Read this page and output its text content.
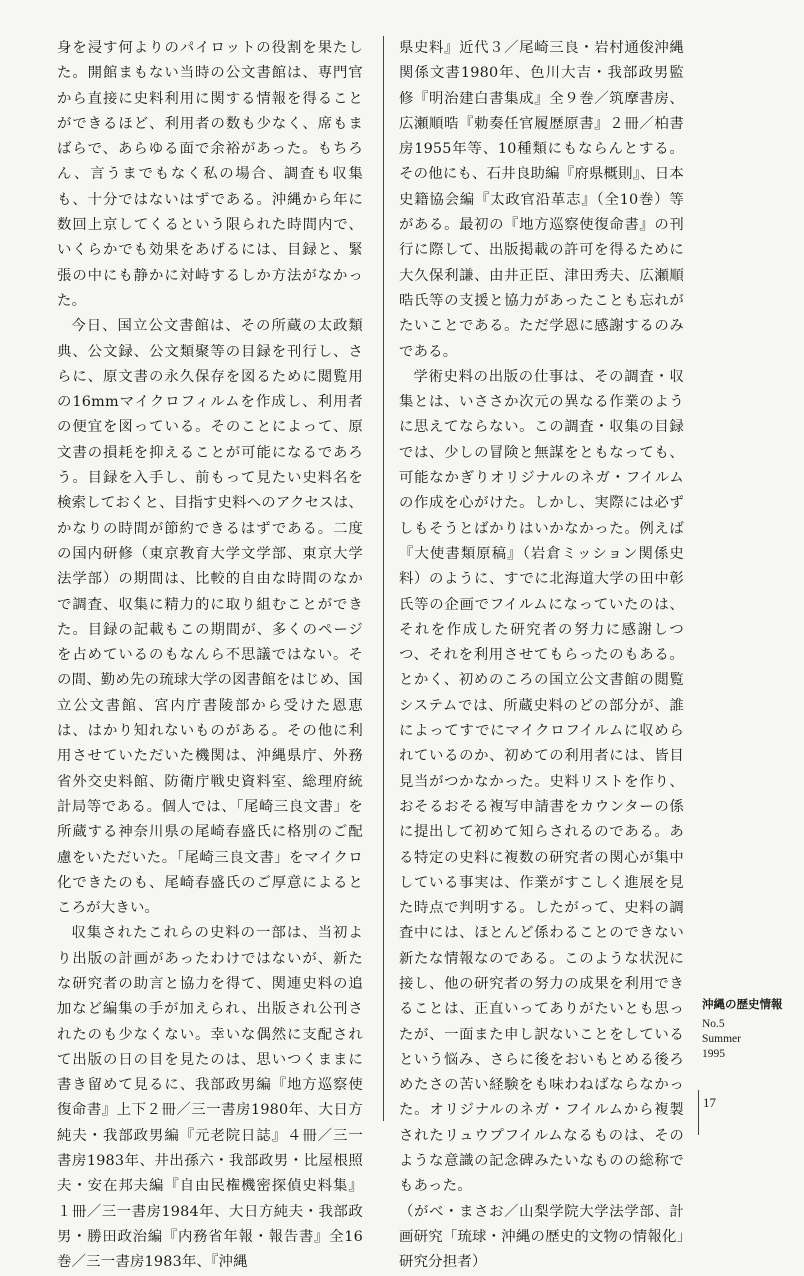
身を浸す何よりのパイロットの役割を果たした。開館まもない当時の公文書館は、専門官から直接に史料利用に関する情報を得ることができるほど、利用者の数も少なく、席もまばらで、あらゆる面で余裕があった。もちろん、言うまでもなく私の場合、調査も収集も、十分ではないはずである。沖縄から年に数回上京してくるという限られた時間内で、いくらかでも効果をあげるには、目録と、緊張の中にも静かに対峙するしか方法がなかった。

今日、国立公文書館は、その所蔵の太政類典、公文録、公文類聚等の目録を刊行し、さらに、原文書の永久保存を図るために閲覧用の16mmマイクロフィルムを作成し、利用者の便宜を図っている。そのことによって、原文書の損耗を抑えることが可能になるであろう。目録を入手し、前もって見たい史料名を検索しておくと、目指す史料へのアクセスは、かなりの時間が節約できるはずである。二度の国内研修（東京教育大学文学部、東京大学法学部）の期間は、比較的自由な時間のなかで調査、収集に精力的に取り組むことができた。目録の記載もこの期間が、多くのページを占めているのもなんら不思議ではない。その間、勤め先の琉球大学の図書館をはじめ、国立公文書館、宮内庁書陵部から受けた恩恵は、はかり知れないものがある。その他に利用させていただいた機関は、沖縄県庁、外務省外交史料館、防衛庁戦史資料室、総理府統計局等である。個人では、「尾崎三良文書」を所蔵する神奈川県の尾崎春盛氏に格別のご配慮をいただいた。「尾崎三良文書」をマイクロ化できたのも、尾崎春盛氏のご厚意によるところが大きい。

収集されたこれらの史料の一部は、当初より出版の計画があったわけではないが、新たな研究者の助言と協力を得て、関連史料の追加など編集の手が加えられ、出版され公刊されたのも少なくない。幸いな偶然に支配されて出版の日の目を見たのは、思いつくままに書き留めて見るに、我部政男編『地方巡察使復命書』上下２冊／三一書房1980年、大日方純夫・我部政男編『元老院日誌』４冊／三一書房1983年、井出孫六・我部政男・比屋根照夫・安在邦夫編『自由民権機密探偵史料集』１冊／三一書房1984年、大日方純夫・我部政男・勝田政治編『内務省年報・報告書』全16巻／三一書房1983年、『沖縄

県史料』近代３／尾崎三良・岩村通俊沖縄関係文書1980年、色川大吉・我部政男監修『明治建白書集成』全９巻／筑摩書房、広瀬順晧『勅奏任官履歴原書』２冊／柏書房1955年等、10種類にもならんとする。その他にも、石井良助編『府県概則』、日本史籍協会編『太政官沿革志』（全10巻）等がある。最初の『地方巡察使復命書』の刊行に際して、出版掲載の許可を得るために大久保利謙、由井正臣、津田秀夫、広瀬順晧氏等の支援と協力があったことも忘れがたいことである。ただ学恩に感謝するのみである。

学術史料の出版の仕事は、その調査・収集とは、いささか次元の異なる作業のように思えてならない。この調査・収集の目録では、少しの冒険と無謀をともなっても、可能なかぎりオリジナルのネガ・フイルムの作成を心がけた。しかし、実際には必ずしもそうとばかりはいかなかった。例えば『大使書類原稿』（岩倉ミッション関係史料）のように、すでに北海道大学の田中彰氏等の企画でフイルムになっていたのは、それを作成した研究者の努力に感謝しつつ、それを利用させてもらったのもある。とかく、初めのころの国立公文書館の閲覧システムでは、所蔵史料のどの部分が、誰によってすでにマイクロフイルムに収められているのか、初めての利用者には、皆目見当がつかなかった。史料リストを作り、おそるおそる複写申請書をカウンターの係に提出して初めて知らされるのである。ある特定の史料に複数の研究者の関心が集中している事実は、作業がすこしく進展を見た時点で判明する。したがって、史料の調査中には、ほとんど係わることのできない新たな情報なのである。このような状況に接し、他の研究者の努力の成果を利用できることは、正直いってありがたいとも思ったが、一面また申し訳ないことをしているという悩み、さらに後をおいもとめる後ろめたさの苦い経験をも味わねばならなかった。オリジナルのネガ・フイルムから複製されたリュウプフイルムなるものは、そのような意識の記念碑みたいなものの総称でもあった。

（がべ・まさお／山梨学院大学法学部、計画研究「琉球・沖縄の歴史的文物の情報化」研究分担者）

沖縄の歴史情報
No.5
Summer
1995
17
